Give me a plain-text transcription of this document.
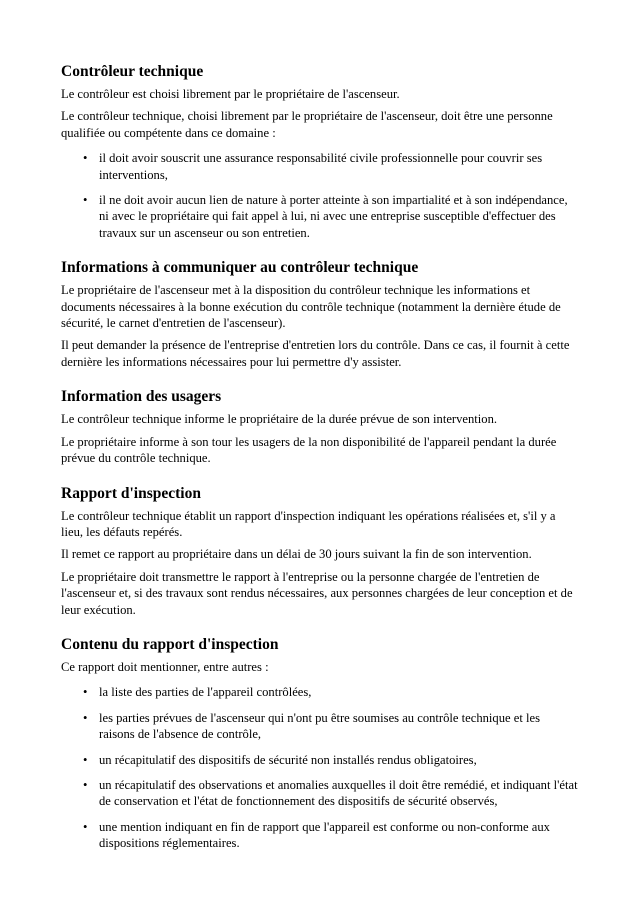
Contrôleur technique

Le contrôleur est choisi librement par le propriétaire de l'ascenseur.

Le contrôleur technique, choisi librement par le propriétaire de l'ascenseur, doit être une personne qualifiée ou compétente dans ce domaine :

• il doit avoir souscrit une assurance responsabilité civile professionnelle pour couvrir ses interventions,
• il ne doit avoir aucun lien de nature à porter atteinte à son impartialité et à son indépendance, ni avec le propriétaire qui fait appel à lui, ni avec une entreprise susceptible d'effectuer des travaux sur un ascenseur ou son entretien.
Informations à communiquer au contrôleur technique

Le propriétaire de l'ascenseur met à la disposition du contrôleur technique les informations et documents nécessaires à la bonne exécution du contrôle technique (notamment la dernière étude de sécurité, le carnet d'entretien de l'ascenseur).

Il peut demander la présence de l'entreprise d'entretien lors du contrôle. Dans ce cas, il fournit à cette dernière les informations nécessaires pour lui permettre d'y assister.

Information des usagers

Le contrôleur technique informe le propriétaire de la durée prévue de son intervention.

Le propriétaire informe à son tour les usagers de la non disponibilité de l'appareil pendant la durée prévue du contrôle technique.

Rapport d'inspection

Le contrôleur technique établit un rapport d'inspection indiquant les opérations réalisées et, s'il y a lieu, les défauts repérés.

Il remet ce rapport au propriétaire dans un délai de 30 jours suivant la fin de son intervention.

Le propriétaire doit transmettre le rapport à l'entreprise ou la personne chargée de l'entretien de l'ascenseur et, si des travaux sont rendus nécessaires, aux personnes chargées de leur conception et de leur exécution.

Contenu du rapport d'inspection

Ce rapport doit mentionner, entre autres :

• la liste des parties de l'appareil contrôlées,
• les parties prévues de l'ascenseur qui n'ont pu être soumises au contrôle technique et les raisons de l'absence de contrôle,
• un récapitulatif des dispositifs de sécurité non installés rendus obligatoires,
• un récapitulatif des observations et anomalies auxquelles il doit être remédié, et indiquant l'état de conservation et l'état de fonctionnement des dispositifs de sécurité observés,
• une mention indiquant en fin de rapport que l'appareil est conforme ou non-conforme aux dispositions réglementaires.
